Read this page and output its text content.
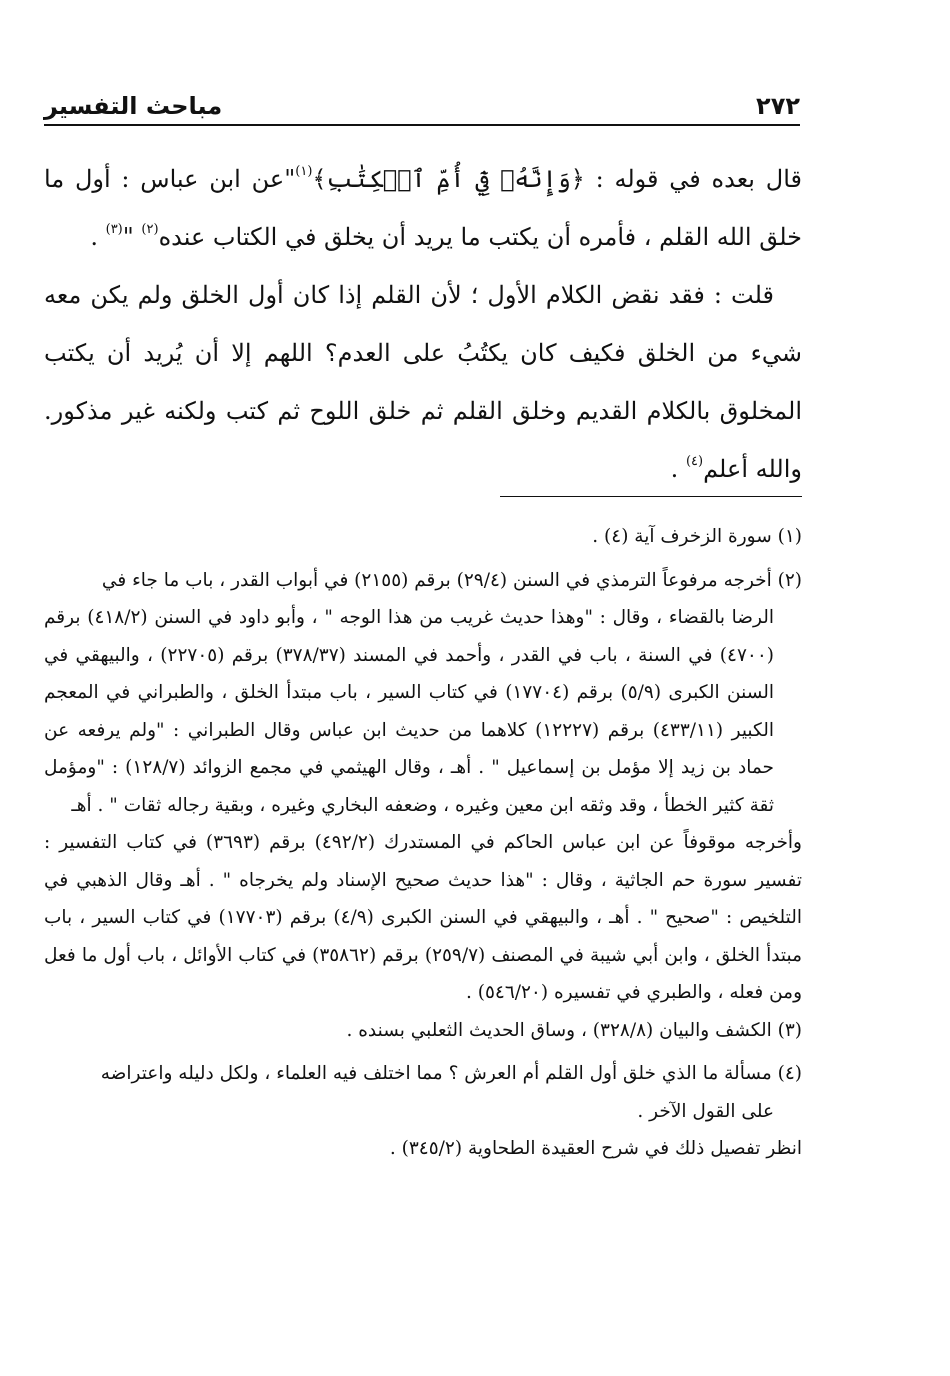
٢٧٢
مباحث التفسير

قال بعده في قوله : ﴿وَإِنَّهُۥ فِيٓ أُمِّ ٱلۡكِتَٰبِ﴾$^{(١)}$"عن ابن عباس : أول ما خلق الله القلم ، فأمره أن يكتب ما يريد أن يخلق في الكتاب عنده$^{(٢)}$ "$^{(٣)}$ .

قلت : فقد نقض الكلام الأول ؛ لأن القلم إذا كان أول الخلق ولم يكن معه شيء من الخلق فكيف كان يكتُبُ على العدم؟ اللهم إلا أن يُريد أن يكتب المخلوق بالكلام القديم وخلق القلم ثم خلق اللوح ثم كتب ولكنه غير مذكور. والله أعلم$^{(٤)}$ .

(١) سورة الزخرف آية (٤) .

(٢) أخرجه مرفوعاً الترمذي في السنن (٢٩/٤) برقم (٢١٥٥) في أبواب القدر ، باب ما جاء في

الرضا بالقضاء ، وقال : "وهذا حديث غريب من هذا الوجه " ، وأبو داود في السنن (٤١٨/٢) برقم (٤٧٠٠) في السنة ، باب في القدر ، وأحمد في المسند (٣٧٨/٣٧) برقم (٢٢٧٠٥) ، والبيهقي في السنن الكبرى (٥/٩) برقم (١٧٧٠٤) في كتاب السير ، باب مبتدأ الخلق ، والطبراني في المعجم الكبير (٤٣٣/١١) برقم (١٢٢٢٧) كلاهما من حديث ابن عباس وقال الطبراني : "ولم يرفعه عن حماد بن زيد إلا مؤمل بن إسماعيل " . أهـ ، وقال الهيثمي في مجمع الزوائد (١٢٨/٧) : "ومؤمل ثقة كثير الخطأ ، وقد وثقه ابن معين وغيره ، وضعفه البخاري وغيره ، وبقية رجاله ثقات " . أهـ

وأخرجه موقوفاً عن ابن عباس الحاكم في المستدرك (٤٩٢/٢) برقم (٣٦٩٣) في كتاب التفسير : تفسير سورة حم الجاثية ، وقال : "هذا حديث صحيح الإسناد ولم يخرجاه " . أهـ وقال الذهبي في التلخيص : "صحيح " . أهـ ، والبيهقي في السنن الكبرى (٤/٩) برقم (١٧٧٠٣) في كتاب السير ، باب مبتدأ الخلق ، وابن أبي شيبة في المصنف (٢٥٩/٧) برقم (٣٥٨٦٢) في كتاب الأوائل ، باب أول ما فعل ومن فعله ، والطبري في تفسيره (٥٤٦/٢٠) .

(٣) الكشف والبيان (٣٢٨/٨) ، وساق الحديث الثعلبي بسنده .

(٤) مسألة ما الذي خلق أول القلم أم العرش ؟ مما اختلف فيه العلماء ، ولكل دليله واعتراضه

على القول الآخر .

انظر تفصيل ذلك في شرح العقيدة الطحاوية (٣٤٥/٢) .
